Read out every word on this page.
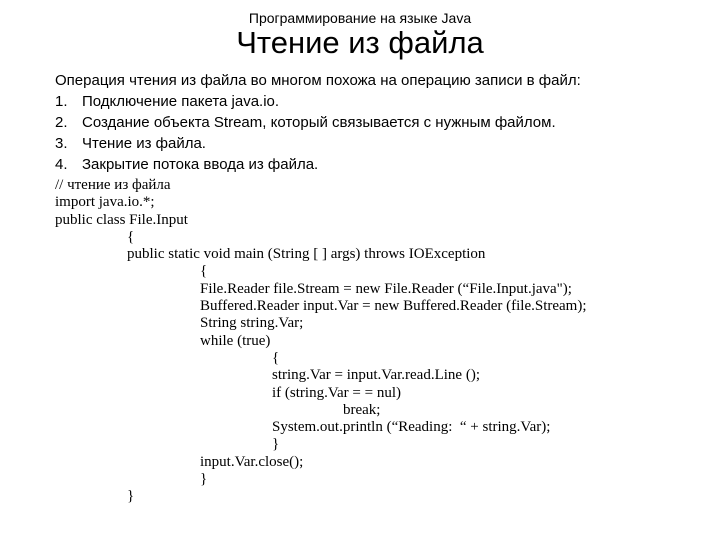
Программирование на языке Java
Чтение из файла
Операция чтения из файла во многом похожа на операцию записи в файл:
1. Подключение пакета java.io.
2. Создание объекта Stream, который связывается с нужным файлом.
3. Чтение из файла.
4. Закрытие потока ввода из файла.
// чтение из файла
import java.io.*;
public class File.Input
{
public static void main (String [ ] args) throws IOException
{
File.Reader file.Stream = new File.Reader (“File.Input.java");
Buffered.Reader input.Var = new Buffered.Reader (file.Stream);
String string.Var;
while (true)
{
string.Var = input.Var.read.Line ();
if (string.Var = = nul)
break;
System.out.println (“Reading:  “ + string.Var);
}
input.Var.close();
}
}
